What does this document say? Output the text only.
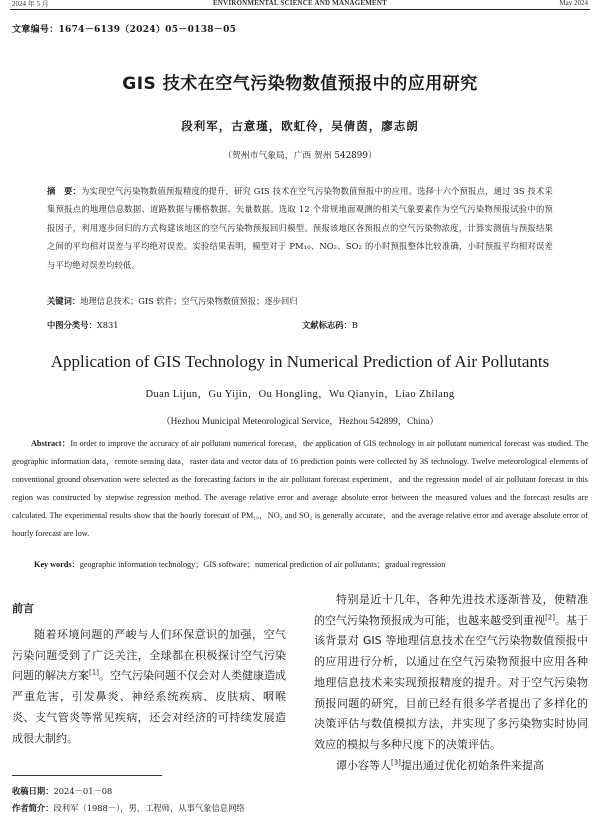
2024 年 5 月	ENVIRONMENTAL SCIENCE AND MANAGEMENT	May 2024
文章编号：1674－6139（2024）05－0138－05
GIS 技术在空气污染物数值预报中的应用研究
段利军，古意瑾，欧虹伶，吴倩茵，廖志朗
（贺州市气象局，广西 贺州 542899）
摘　要：为实现空气污染物数值预报精度的提升，研究 GIS 技术在空气污染物数值预报中的应用。选择十六个预报点，通过 3S 技术采集预报点的地理信息数据、道路数据与栅格数据、矢量数据。选取 12 个常规地面观测的相关气象要素作为空气污染物预报试验中的预报因子，利用逐步回归的方式构建该地区的空气污染物预报回归模型。预报该地区各预报点的空气污染物浓度，计算实测值与预报结果之间的平均相对误差与平均绝对误差。实验结果表明，模型对于 PM₁₀、NO₂、SO₂ 的小时预报整体比较准确，小时预报平均相对误差与平均绝对误差均较低。
关键词：地理信息技术；GIS 软件；空气污染物数值预报；逐步回归
中图分类号：X831	文献标志码：B
Application of GIS Technology in Numerical Prediction of Air Pollutants
Duan Lijun，Gu Yijin，Ou Hongling，Wu Qianyin，Liao Zhilang
（Hezhou Municipal Meteorological Service，Hezhou 542899，China）
Abstract：In order to improve the accuracy of air pollutant numerical forecast，the application of GIS technology in air pollutant numerical forecast was studied. The geographic information data，remote sensing data，raster data and vector data of 16 prediction points were collected by 3S technology. Twelve meteorological elements of conventional ground observation were selected as the forecasting factors in the air pollutant forecast experiment，and the regression model of air pollutant forecast in this region was constructed by stepwise regression method. The average relative error and average absolute error between the measured values and the forecast results are calculated. The experimental results show that the hourly forecast of PM₁₀，NO₂ and SO₂ is generally accurate，and the average relative error and average absolute error of hourly forecast are low.
Key words：geographic information technology；GIS software；numerical prediction of air pollutants；gradual regression
前言

随着环境问题的严峻与人们环保意识的加强，空气污染问题受到了广泛关注，全球都在积极探讨空气污染问题的解决方案[1]。空气污染问题不仅会对人类健康造成严重危害，引发鼻炎、神经系统疾病、皮肤病、咽喉炎、支气管炎等常见疾病，还会对经济的可持续发展造成很大制约。

特别是近十几年，各种先进技术逐渐普及，使精准的空气污染物预报成为可能，也越来越受到重视[2]。基于该背景对 GIS 等地理信息技术在空气污染物数值预报中的应用进行分析，以通过在空气污染物预报中应用各种地理信息技术来实现预报精度的提升。对于空气污染物预报问题的研究，目前已经有很多学者提出了多样化的决策评估与数值模拟方法，并实现了多污染物实时协同效应的模拟与多种尺度下的决策评估。

谭小容等人[3]提出通过优化初始条件来提高

收稿日期：2024－01－08
作者简介：段利军（1988－），男，工程师，从事气象信息网络
